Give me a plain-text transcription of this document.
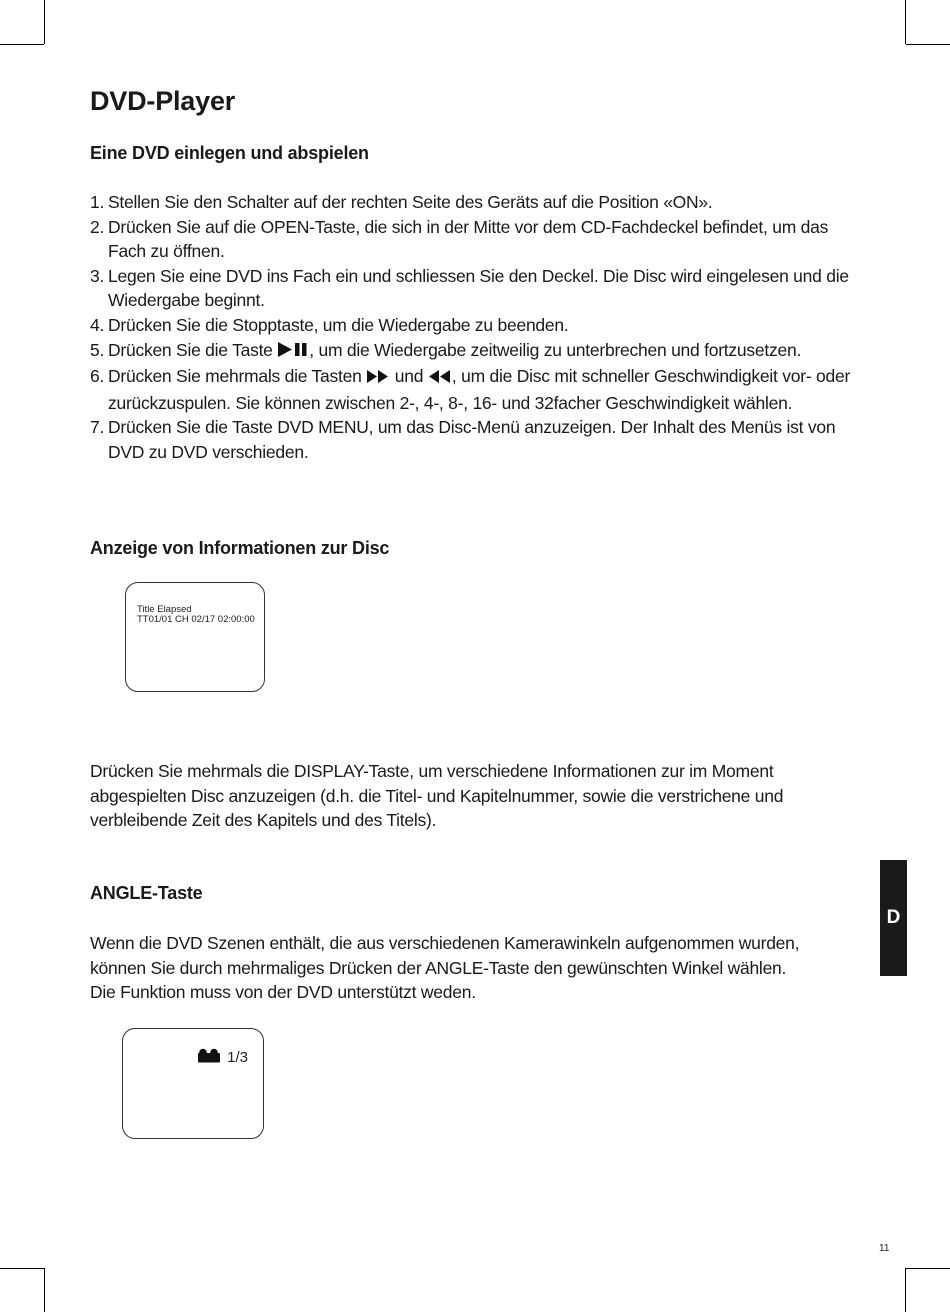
DVD-Player
Eine DVD einlegen und abspielen
1. Stellen Sie den Schalter auf der rechten Seite des Geräts auf die Position «ON».
2. Drücken Sie auf die OPEN-Taste, die sich in der Mitte vor dem CD-Fachdeckel befindet, um das Fach zu öffnen.
3. Legen Sie eine DVD ins Fach ein und schliessen Sie den Deckel. Die Disc wird eingelesen und die Wiedergabe beginnt.
4. Drücken Sie die Stopptaste, um die Wiedergabe zu beenden.
5. Drücken Sie die Taste , um die Wiedergabe zeitweilig zu unterbrechen und fortzusetzen.
6. Drücken Sie mehrmals die Tasten  und , um die Disc mit schneller Geschwindigkeit vor- oder zurückzuspulen. Sie können zwischen 2-, 4-, 8-, 16- und 32facher Geschwindigkeit wählen.
7. Drücken Sie die Taste DVD MENU, um das Disc-Menü anzuzeigen. Der Inhalt des Menüs ist von DVD zu DVD verschieden.
Anzeige von Informationen zur Disc
Title Elapsed
TT01/01 CH 02/17 02:00:00
Drücken Sie mehrmals die DISPLAY-Taste, um verschiedene Informationen zur im Moment abgespielten Disc anzuzeigen (d.h. die Titel- und Kapitelnummer, sowie die verstrichene und verbleibende Zeit des Kapitels und des Titels).
ANGLE-Taste
Wenn die DVD Szenen enthält, die aus verschiedenen Kamerawinkeln aufgenommen wurden,
können Sie durch mehrmaliges Drücken der ANGLE-Taste den gewünschten Winkel wählen.
Die Funktion muss von der DVD unterstützt weden.
1/3
D
11
